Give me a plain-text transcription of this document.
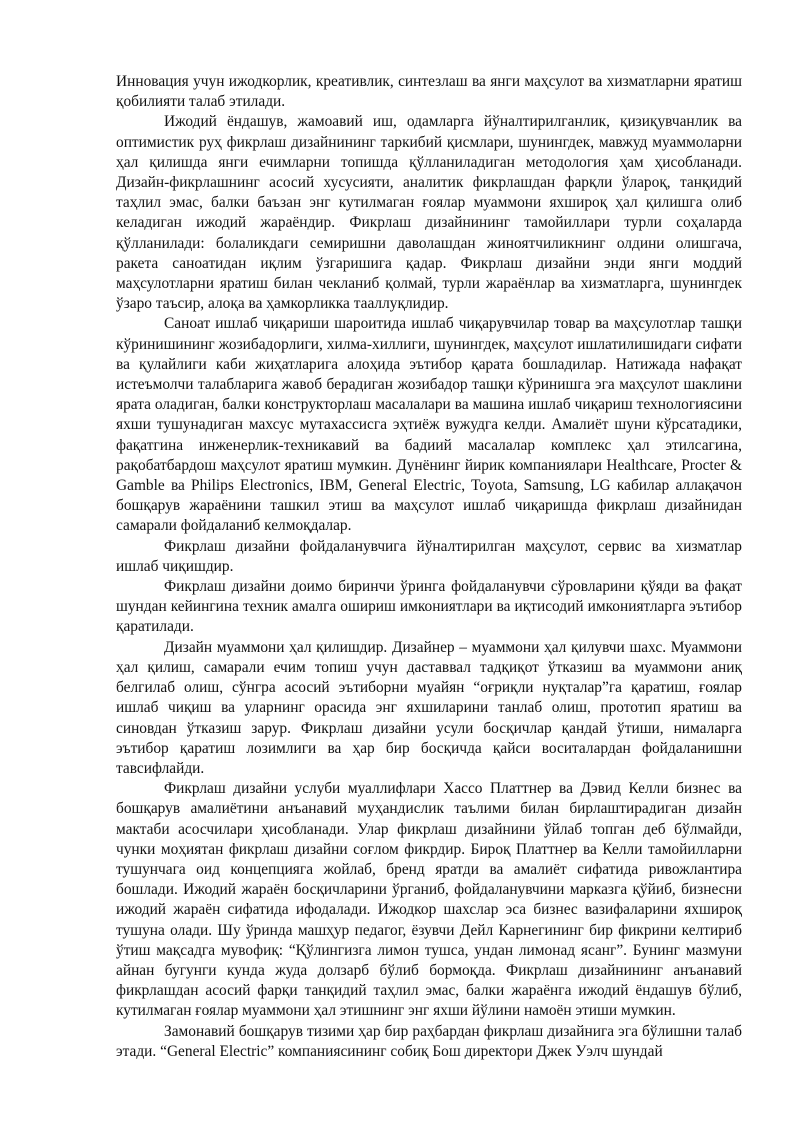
Инновация учун ижодкорлик, креативлик, синтезлаш ва янги маҳсулот ва хизматларни яратиш қобилияти талаб этилади.

Ижодий ёндашув, жамоавий иш, одамларга йўналтирилганлик, қизиқувчанлик ва оптимистик руҳ фикрлаш дизайнининг таркибий қисмлари, шунингдек, мавжуд муаммоларни ҳал қилишда янги ечимларни топишда қўлланиладиган методология ҳам ҳисобланади. Дизайн-фикрлашнинг асосий хусусияти, аналитик фикрлашдан фарқли ўлароқ, танқидий таҳлил эмас, балки баъзан энг кутилмаган ғоялар муаммони яхшироқ ҳал қилишга олиб келадиган ижодий жараёндир. Фикрлаш дизайнининг тамойиллари турли соҳаларда қўлланилади: болаликдаги семиришни даволашдан жиноятчиликнинг олдини олишгача, ракета саноатидан иқлим ўзгаришига қадар. Фикрлаш дизайни энди янги моддий маҳсулотларни яратиш билан чекланиб қолмай, турли жараёнлар ва хизматларга, шунингдек ўзаро таъсир, алоқа ва ҳамкорликка тааллуқлидир.

Саноат ишлаб чиқариши шароитида ишлаб чиқарувчилар товар ва маҳсулотлар ташқи кўринишининг жозибадорлиги, хилма-хиллиги, шунингдек, маҳсулот ишлатилишидаги сифати ва қулайлиги каби жиҳатларига алоҳида эътибор қарата бошладилар. Натижада нафақат истеъмолчи талабларига жавоб берадиган жозибадор ташқи кўринишга эга маҳсулот шаклини ярата оладиган, балки конструкторлаш масалалари ва машина ишлаб чиқариш технологиясини яхши тушунадиган махсус мутахассисга эҳтиёж вужудга келди. Амалиёт шуни кўрсатадики, фақатгина инженерлик-техникавий ва бадиий масалалар комплекс ҳал этилсагина, рақобатбардош маҳсулот яратиш мумкин. Дунёнинг йирик компаниялари Healthcare, Procter & Gamble ва Philips Electronics, IBM, General Electric, Toyota, Samsung, LG кабилар аллақачон бошқарув жараёнини ташкил этиш ва маҳсулот ишлаб чиқаришда фикрлаш дизайнидан самарали фойдаланиб келмоқдалар.

Фикрлаш дизайни фойдаланувчига йўналтирилган маҳсулот, сервис ва хизматлар ишлаб чиқишдир.

Фикрлаш дизайни доимо биринчи ўринга фойдаланувчи сўровларини қўяди ва фақат шундан кейингина техник амалга ошириш имкониятлари ва иқтисодий имкониятларга эътибор қаратилади.

Дизайн муаммони ҳал қилишдир. Дизайнер – муаммони ҳал қилувчи шахс. Муаммони ҳал қилиш, самарали ечим топиш учун даставвал тадқиқот ўтказиш ва муаммони аниқ белгилаб олиш, сўнгра асосий эътиборни муайян “оғриқли нуқталар”га қаратиш, ғоялар ишлаб чиқиш ва уларнинг орасида энг яхшиларини танлаб олиш, прототип яратиш ва синовдан ўтказиш зарур. Фикрлаш дизайни усули босқичлар қандай ўтиши, нималарга эътибор қаратиш лозимлиги ва ҳар бир босқичда қайси воситалардан фойдаланишни тавсифлайди.

Фикрлаш дизайни услуби муаллифлари Хассо Платтнер ва Дэвид Келли бизнес ва бошқарув амалиётини анъанавий муҳандислик таълими билан бирлаштирадиган дизайн мактаби асосчилари ҳисобланади. Улар фикрлаш дизайнини ўйлаб топган деб бўлмайди, чунки моҳиятан фикрлаш дизайни соғлом фикрдир. Бироқ Платтнер ва Келли тамойилларни тушунчага оид концепцияга жойлаб, бренд яратди ва амалиёт сифатида ривожлантира бошлади. Ижодий жараён босқичларини ўрганиб, фойдаланувчини марказга қўйиб, бизнесни ижодий жараён сифатида ифодалади. Ижодкор шахслар эса бизнес вазифаларини яхшироқ тушуна олади. Шу ўринда машҳур педагог, ёзувчи Дейл Карнегининг бир фикрини келтириб ўтиш мақсадга мувофиқ: “Қўлингизга лимон тушса, ундан лимонад ясанг”. Бунинг мазмуни айнан бугунги кунда жуда долзарб бўлиб бормоқда. Фикрлаш дизайнининг анъанавий фикрлашдан асосий фарқи танқидий таҳлил эмас, балки жараёнга ижодий ёндашув бўлиб, кутилмаган ғоялар муаммони ҳал этишнинг энг яхши йўлини намоён этиши мумкин.

Замонавий бошқарув тизими ҳар бир раҳбардан фикрлаш дизайнига эга бўлишни талаб этади. “General Electric” компаниясининг собиқ Бош директори Джек Уэлч шундай
